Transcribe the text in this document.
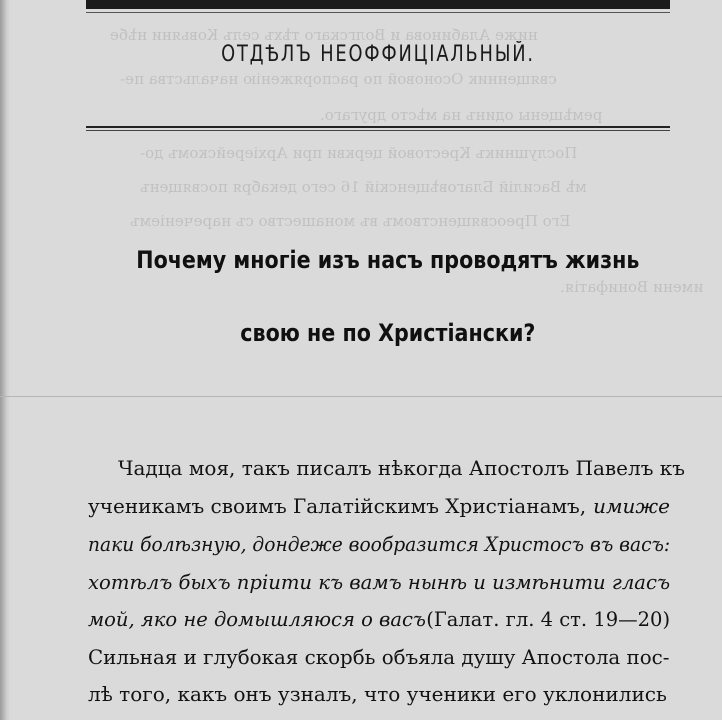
ниже Алабинова и Волгскаго тѣхъ селъ Ковьяни нѣбе
священник Осоновой по распоряженію начальства пе-
ремѣщены одинъ на мѣсто другаго.
Послушникъ Крестовой церкви при Архіерейскомъ до-
мѣ Василій Благовѣщенскій 16 сего декабря посвященъ
Его Преосвященствомъ въ монашество съ нареченіемъ
имени Вонифатія.
ОТДѢЛЪ НЕОФФИЦІАЛЬНЫЙ.
Почему многіе изъ насъ проводятъ жизнь
свою не по Христіански?
Чадца моя, такъ писалъ нѣкогда Апостолъ Павелъ къ
ученикамъ своимъ Галатійскимъ Христіанамъ, имиже
паки болѣзную, дондеже вообразится Христосъ въ васъ:
хотѣлъ быхъ пріити къ вамъ нынѣ и измѣнити гласъ
мой, яко не домышляюся о васъ (Галат. гл. 4 ст. 19—20)
Сильная и глубокая скорбь объяла душу Апостола пос-
лѣ того, какъ онъ узналъ, что ученики его уклонились
